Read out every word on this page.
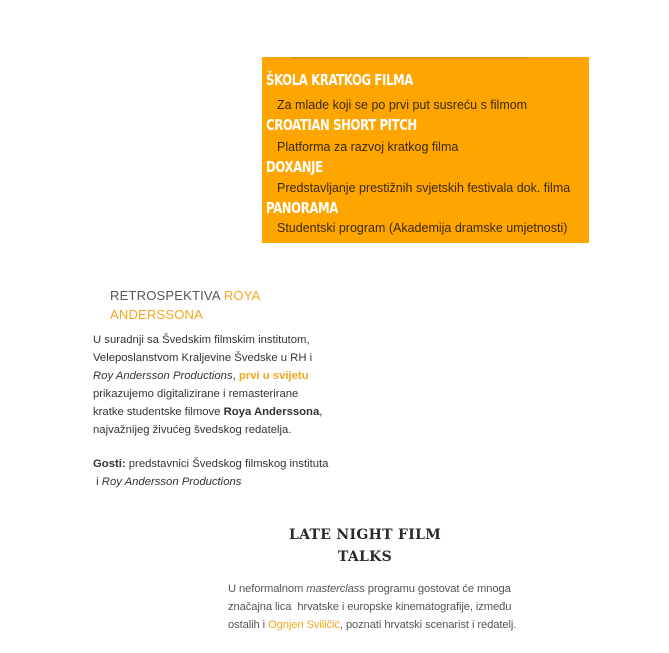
ŠKOLA KRATKOG FILMA
Za mlade koji se po prvi put susreću s filmom
CROATIAN SHORT PITCH
Platforma za razvoj kratkog filma
DOXANJE
Predstavljanje prestižnih svjetskih festivala dok. filma
PANORAMA
Studentski program (Akademija dramske umjetnosti)
RETROSPEKTIVA ROYA
ANDERSSONA

U suradnji sa Švedskim filmskim institutom,

Veleposlanstvom Kraljevine Švedske u RH i

Roy Andersson Productions, prvi u svijetu

prikazujemo digitalizirane i remasterirane

kratke studentske filmove Roya Anderssona,

najvažnijeg živućeg švedskog redatelja.

Gosti: predstavnici Švedskog filmskog instituta

i Roy Andersson Productions

LATE NIGHT FILM
TALKS
U neformalnom masterclass programu gostovat će mnoga
značajna lica  hrvatske i europske kinematografije, između
ostalih i Ognjen Sviličić, poznati hrvatski scenarist i redatelj.
